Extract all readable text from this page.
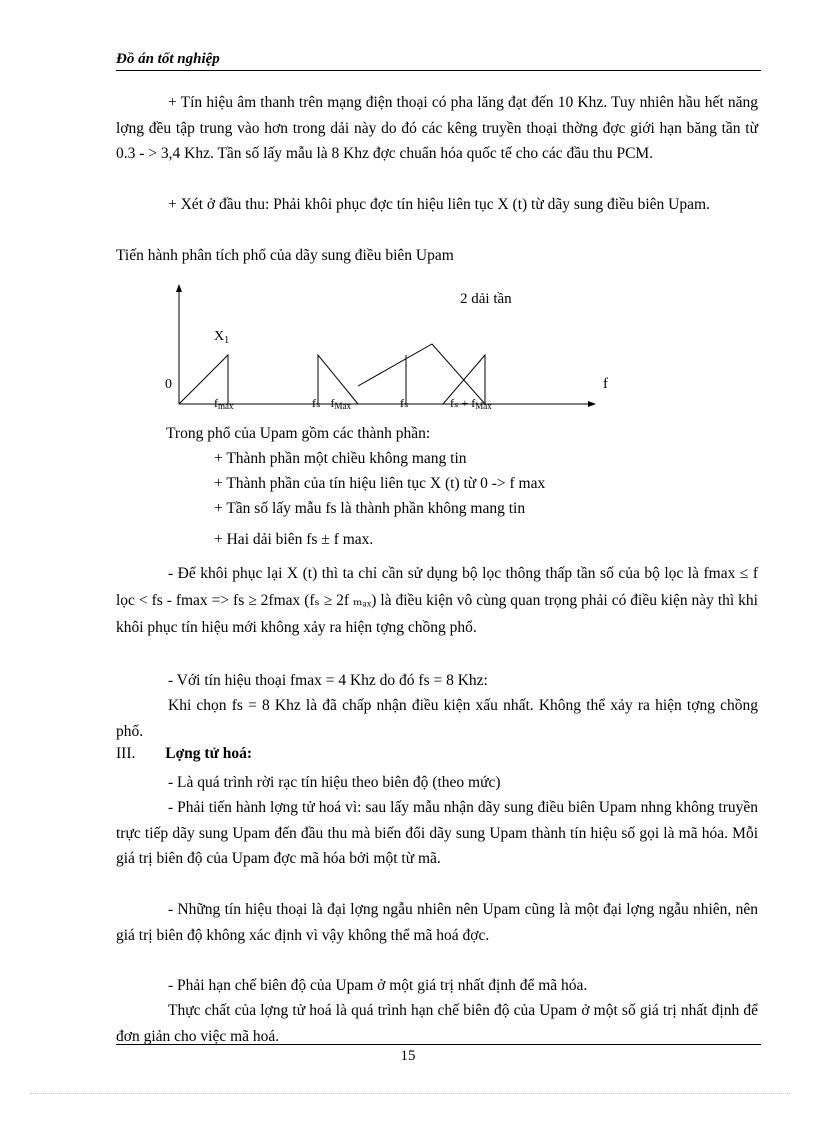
Đồ án tốt nghiệp

+ Tín hiệu âm thanh trên mạng điện thoại có pha lăng đạt đến 10 Khz. Tuy nhiên hầu hết năng lợng đều tập trung vào hơn trong dải này do đó các kêng truyền thoại thờng đợc giới hạn băng tần từ 0.3 - > 3,4 Khz. Tần số lấy mẫu là 8 Khz đợc chuẩn hóa quốc tế cho các đầu thu PCM.

+ Xét ở đầu thu: Phải khôi phục đợc tín hiệu liên tục X (t) từ dãy sung điều biên Upam.

Tiến hành phân tích phổ của dãy sung điều biên Upam

2 dải tần
$X_1$
0	f
fmax	fₛ - fMax	fₛ	fₛ + fMax
Trong phổ của Upam gồm các thành phần:
+ Thành phần một chiều không mang tin
+ Thành phần của tín hiệu liên tục X (t) từ 0 -> f max
+ Tần số lấy mẫu fs là thành phần không mang tin
+ Hai dải biên fs ± f max.

- Để khôi phục lại X (t) thì ta chỉ cần sử dụng bộ lọc thông thấp tần số của bộ lọc là fmax ≤ f lọc < fs - fmax => fs ≥ 2fmax (fₛ ≥ 2f ₘₐₓ) là điều kiện vô cùng quan trọng phải có điều kiện này thì khi khôi phục tín hiệu mới không xảy ra hiện tợng chồng phổ.

- Với tín hiệu thoại fmax = 4 Khz do đó fs = 8 Khz:

Khi chọn fs = 8 Khz là đã chấp nhận điều kiện xấu nhất. Không thể xảy ra hiện tợng chồng phổ.

III. Lợng tử hoá:

- Là quá trình rời rạc tín hiệu theo biên độ (theo mức)

- Phải tiến hành lợng tử hoá vì: sau lấy mẫu nhận dãy sung điều biên Upam nhng không truyền trực tiếp dãy sung Upam đến đầu thu mà biến đổi dãy sung Upam thành tín hiệu số gọi là mã hóa. Mỗi giá trị biên độ của Upam đợc mã hóa bởi một từ mã.

- Những tín hiệu thoại là đại lợng ngẫu nhiên nên Upam cũng là một đại lợng ngẫu nhiên, nên giá trị biên độ không xác định vì vậy không thể mã hoá đợc.

- Phải hạn chế biên độ của Upam ở một giá trị nhất định để mã hóa.

Thực chất của lợng tử hoá là quá trình hạn chế biên độ của Upam ở một số giá trị nhất định để đơn giản cho việc mã hoá.

15
